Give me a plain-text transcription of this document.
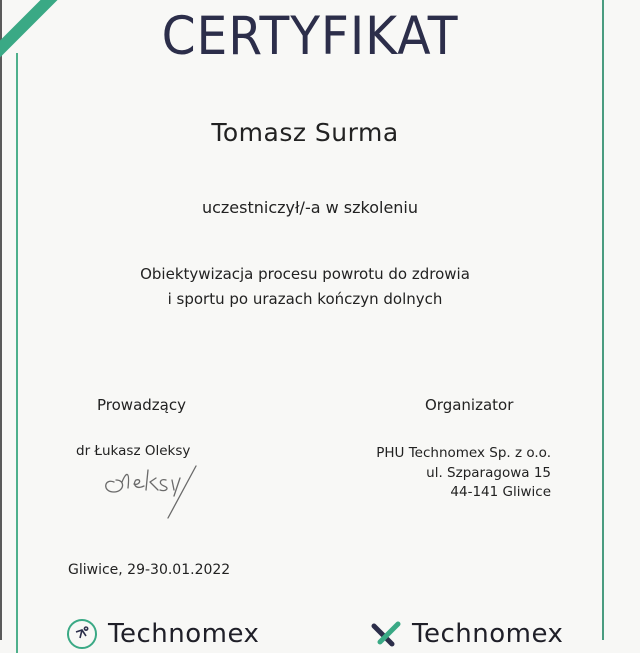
CERTYFIKAT
Tomasz Surma
uczestniczył/-a w szkoleniu
Obiektywizacja procesu powrotu do zdrowia
i sportu po urazach kończyn dolnych
Prowadzący	Organizator
dr Łukasz Oleksy	PHU Technomex Sp. z o.o.
ul. Szparagowa 15
44-141 Gliwice
Gliwice, 29-30.01.2022
Technomex	Technomex
